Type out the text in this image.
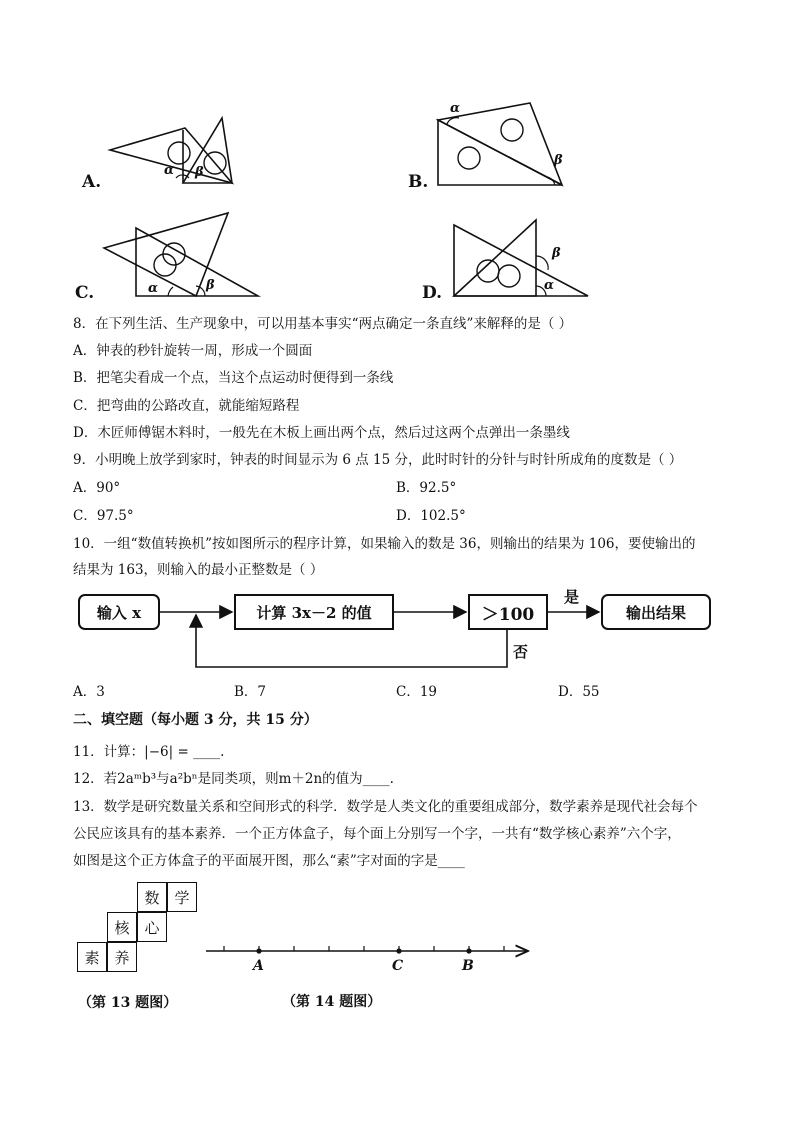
A.
α β	B.
α
β
C.	α	β	D.
β
α
8．在下列生活、生产现象中，可以用基本事实“两点确定一条直线”来解释的是（ ）
A．钟表的秒针旋转一周，形成一个圆面
B．把笔尖看成一个点，当这个点运动时便得到一条线
C．把弯曲的公路改直，就能缩短路程
D．木匠师傅锯木料时，一般先在木板上画出两个点，然后过这两个点弹出一条墨线
9．小明晚上放学到家时，钟表的时间显示为 6 点 15 分，此时时针的分针与时针所成角的度数是（ ）
A．90°	B．92.5°
C．97.5°	D．102.5°
10．一组“数值转换机”按如图所示的程序计算，如果输入的数是 36，则输出的结果为 106，要使输出的
结果为 163，则输入的最小正整数是（ ）
输入 x	计算 3x－2 的值	＞100	输出结果
是
否
A．3	B．7	C．19	D．55
二、填空题（每小题 3 分，共 15 分）
11．计算：|−6| = ____.
12．若2aᵐb³与a²bⁿ是同类项，则m＋2n的值为____.
13．数学是研究数量关系和空间形式的科学．数学是人类文化的重要组成部分，数学素养是现代社会每个
公民应该具有的基本素养．一个正方体盒子，每个面上分别写一个字，一共有“数学核心素养”六个字，
如图是这个正方体盒子的平面展开图，那么“素”字对面的字是____
数 学
核 心
素 养	A	C	B
（第 13 题图）	（第 14 题图）
